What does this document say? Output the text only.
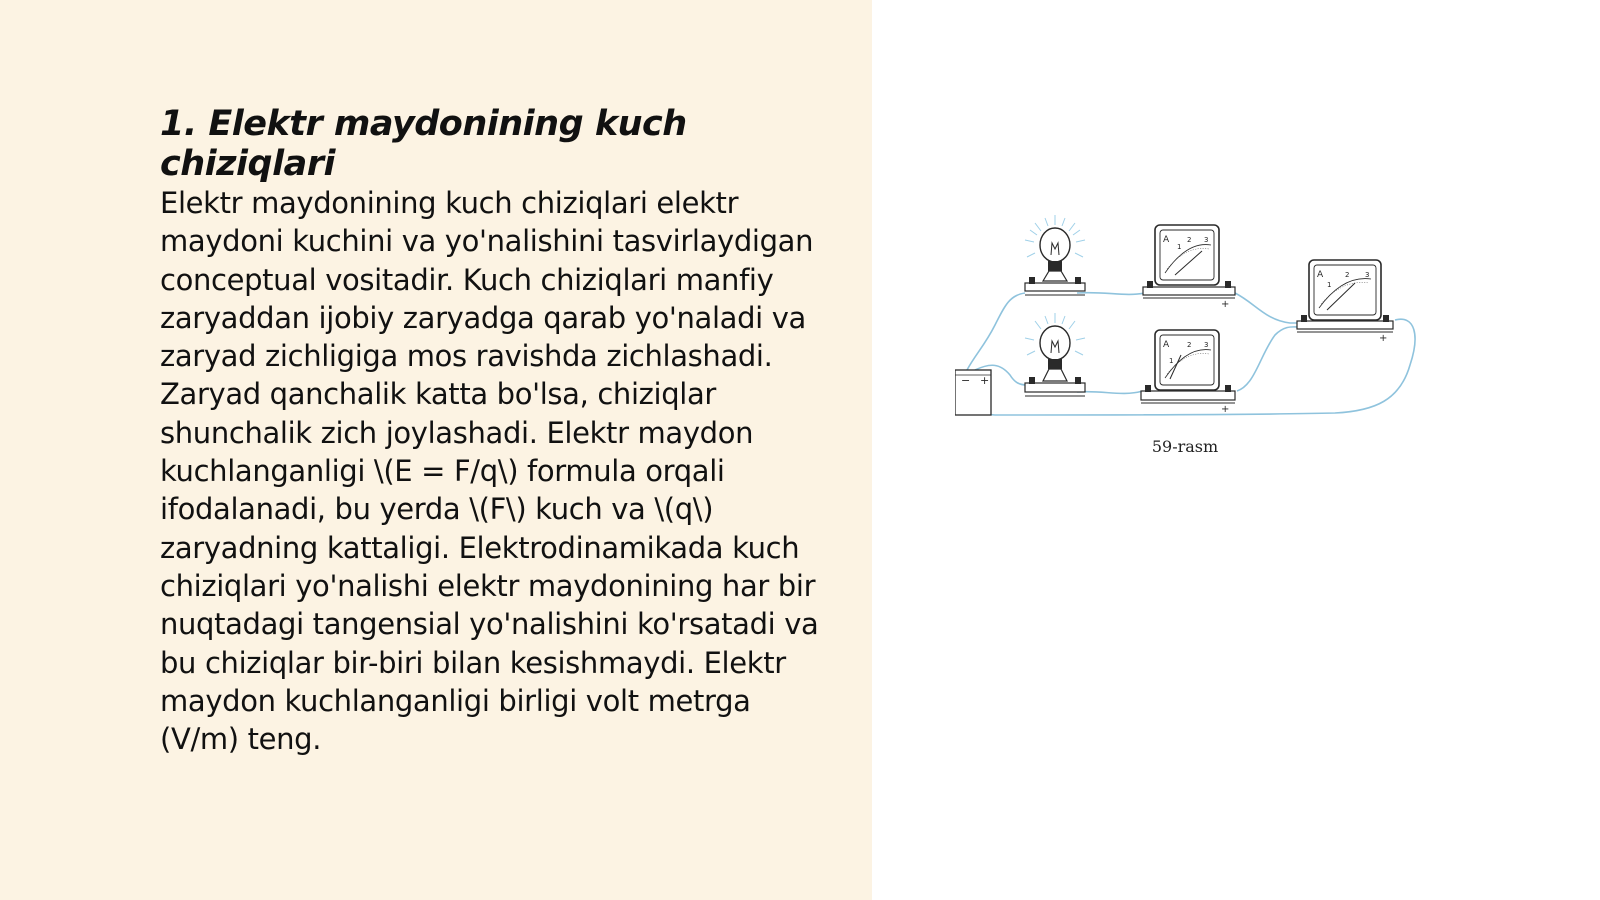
1. Elektr maydonining kuch chiziqlari

Elektr maydonining kuch chiziqlari elektr maydoni kuchini va yo'nalishini tasvirlaydigan conceptual vositadir. Kuch chiziqlari manfiy zaryaddan ijobiy zaryadga qarab yo'naladi va zaryad zichligiga mos ravishda zichlashadi. Zaryad qanchalik katta bo'lsa, chiziqlar shunchalik zich joylashadi. Elektr maydon kuchlanganligi \(E = F/q\) formula orqali ifodalanadi, bu yerda \(F\) kuch va \(q\) zaryadning kattaligi. Elektrodinamikada kuch chiziqlari yo'nalishi elektr maydonining har bir nuqtadagi tangensial yo'nalishini ko'rsatadi va bu chiziqlar bir-biri bilan kesishmaydi. Elektr maydon kuchlanganligi birligi volt metrga (V/m) teng.

− +
A
1
2 3
+
A
1
2 3
+
A
1
2 3
+
59-rasm
